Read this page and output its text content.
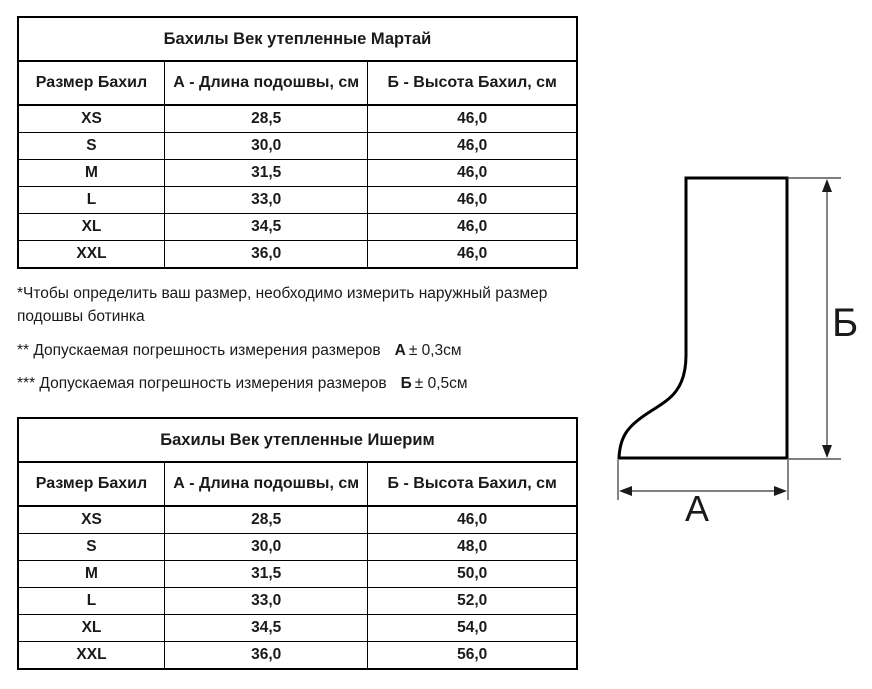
Бахилы Век утепленные Мартай		
Размер Бахил	А - Длина подошвы, см	Б - Высота Бахил, см
XS	28,5	46,0
S	30,0	46,0
M	31,5	46,0
L	33,0	46,0
XL	34,5	46,0
XXL	36,0	46,0

*Чтобы определить ваш размер, необходимо измерить наружный размер подошвы ботинка

** Допускаемая погрешность измерения размеров А ± 0,3см

*** Допускаемая погрешность измерения размеров Б ± 0,5см

Бахилы Век утепленные Ишерим		
Размер Бахил	А - Длина подошвы, см	Б - Высота Бахил, см
XS	28,5	46,0
S	30,0	48,0
M	31,5	50,0
L	33,0	52,0
XL	34,5	54,0
XXL	36,0	56,0
Б
А
